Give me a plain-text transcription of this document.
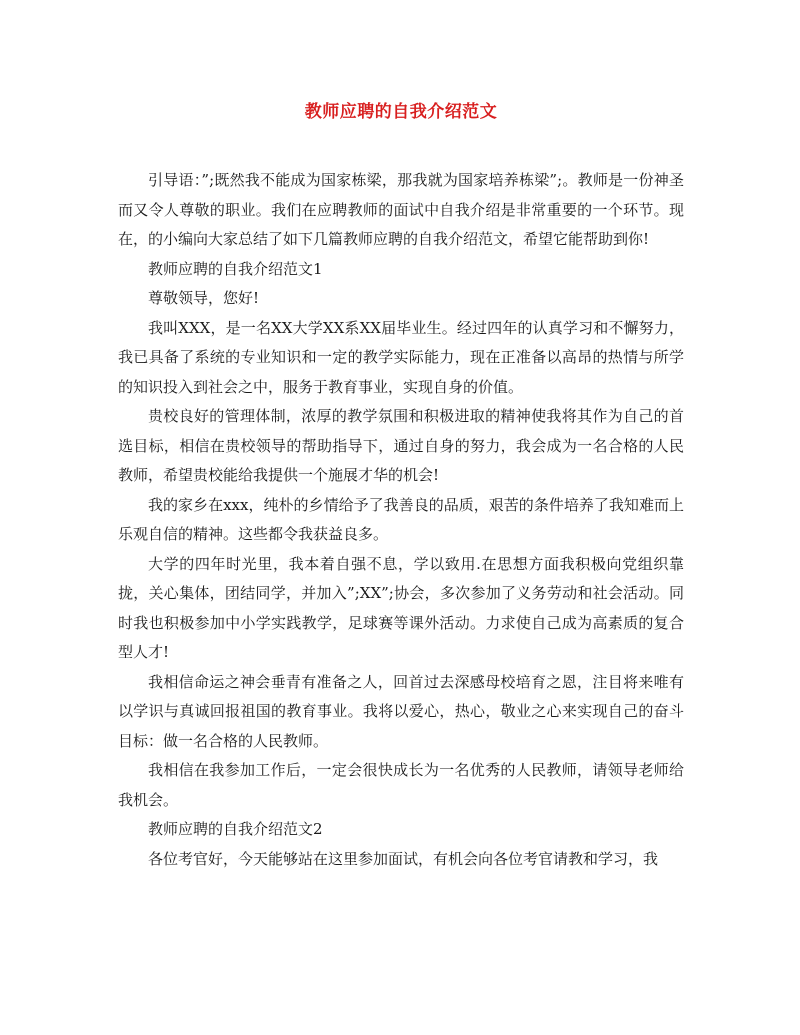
教师应聘的自我介绍范文

引导语：”;既然我不能成为国家栋梁，那我就为国家培养栋梁”;。教师是一份神圣而又令人尊敬的职业。我们在应聘教师的面试中自我介绍是非常重要的一个环节。现在，的小编向大家总结了如下几篇教师应聘的自我介绍范文，希望它能帮助到你!

教师应聘的自我介绍范文1

尊敬领导，您好!

我叫XXX，是一名XX大学XX系XX届毕业生。经过四年的认真学习和不懈努力，我已具备了系统的专业知识和一定的教学实际能力，现在正准备以高昂的热情与所学的知识投入到社会之中，服务于教育事业，实现自身的价值。

贵校良好的管理体制，浓厚的教学氛围和积极进取的精神使我将其作为自己的首选目标，相信在贵校领导的帮助指导下，通过自身的努力，我会成为一名合格的人民教师，希望贵校能给我提供一个施展才华的机会!

我的家乡在xxx，纯朴的乡情给予了我善良的品质，艰苦的条件培养了我知难而上乐观自信的精神。这些都令我获益良多。

大学的四年时光里，我本着自强不息，学以致用.在思想方面我积极向党组织靠拢，关心集体，团结同学，并加入”;XX”;协会，多次参加了义务劳动和社会活动。同时我也积极参加中小学实践教学，足球赛等课外活动。力求使自己成为高素质的复合型人才!

我相信命运之神会垂青有准备之人，回首过去深感母校培育之恩，注目将来唯有以学识与真诚回报祖国的教育事业。我将以爱心，热心，敬业之心来实现自己的奋斗目标：做一名合格的人民教师。

我相信在我参加工作后，一定会很快成长为一名优秀的人民教师，请领导老师给我机会。

教师应聘的自我介绍范文2

各位考官好，今天能够站在这里参加面试，有机会向各位考官请教和学习，我
